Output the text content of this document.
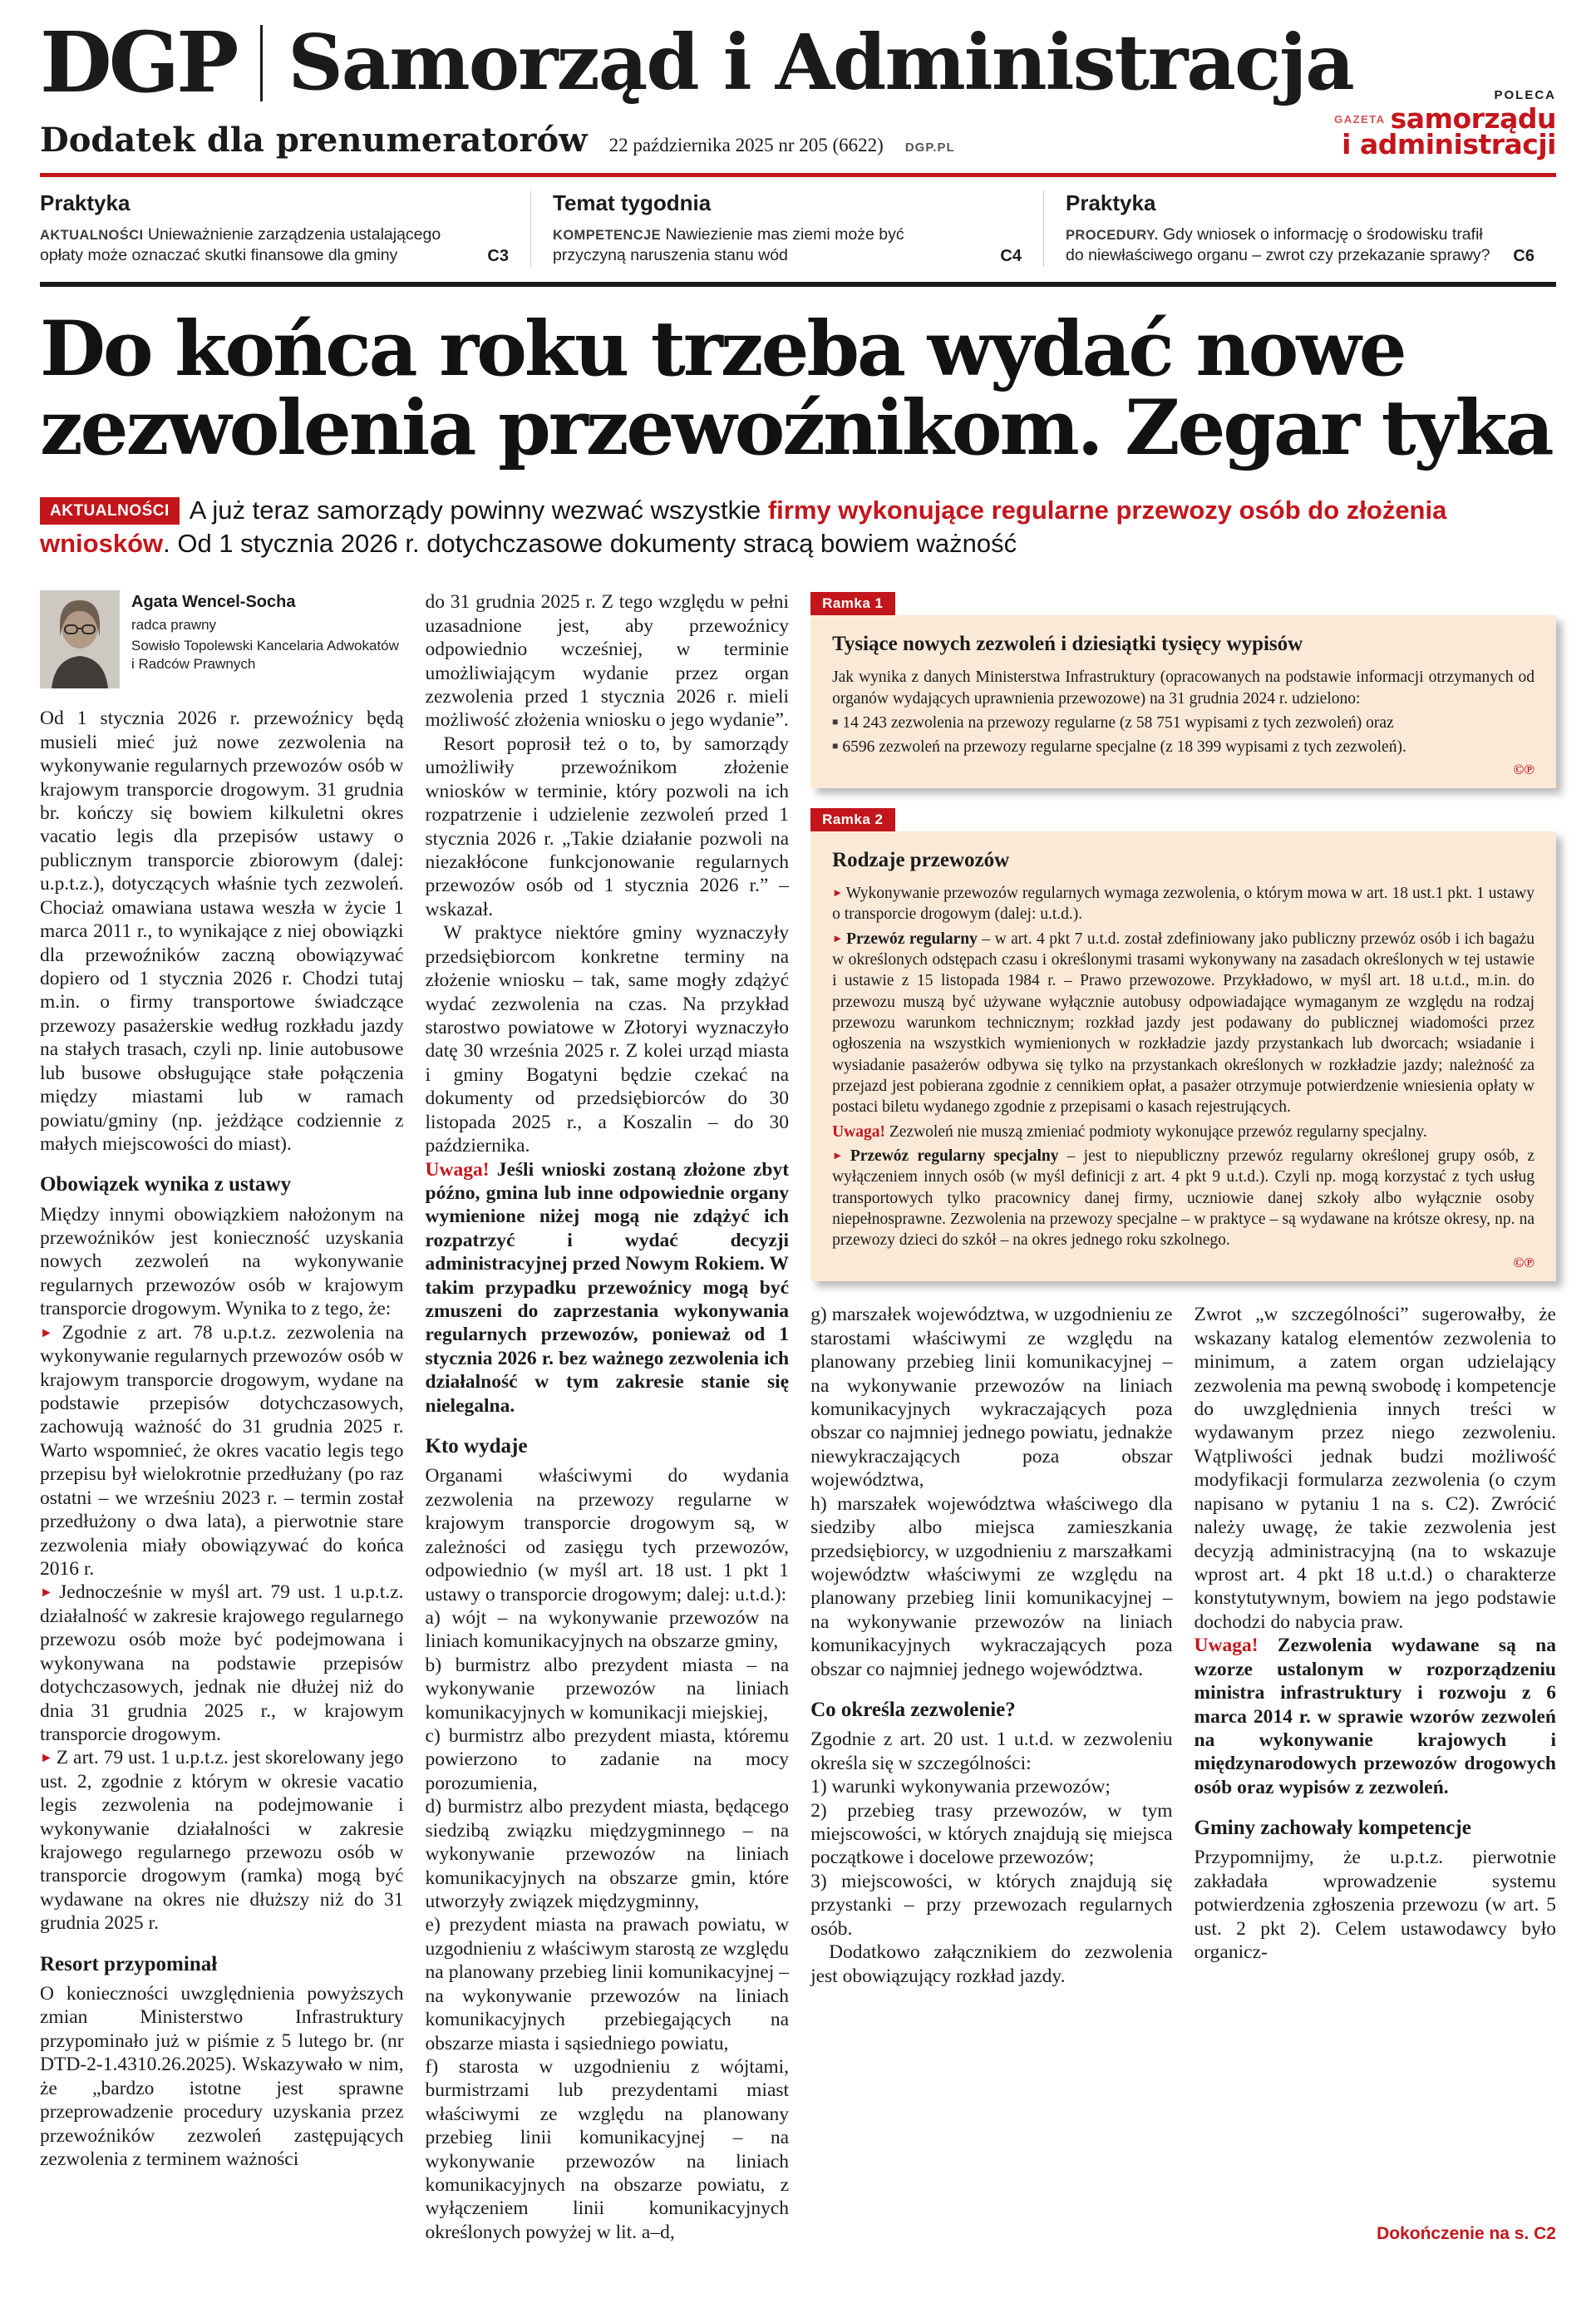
DGP Samorząd i Administracja
Dodatek dla prenumeratorów 22 października 2025 nr 205 (6622) DGP.PL
POLECA
$^{GAZETA}$ samorządu
i administracji
Praktyka
AKTUALNOŚCI Unieważnienie zarządzenia ustalającego opłaty może oznaczać skutki finansowe dla gminy	C3
Temat tygodnia
KOMPETENCJE Nawiezienie mas ziemi może być przyczyną naruszenia stanu wód	C4
Praktyka
PROCEDURY. Gdy wniosek o informację o środowisku trafił do niewłaściwego organu – zwrot czy przekazanie sprawy? C6
Do końca roku trzeba wydać nowe
zezwolenia przewoźnikom. Zegar tyka
AKTUALNOŚCI A już teraz samorządy powinny wezwać wszystkie firmy wykonujące regularne przewozy osób do złożenia wniosków. Od 1 stycznia 2026 r. dotychczasowe dokumenty stracą bowiem ważność
Agata Wencel-Socha
radca prawny
Sowisło Topolewski Kancelaria Adwokatów i Radców Prawnych

Od 1 stycznia 2026 r. przewoźnicy będą musieli mieć już nowe zezwolenia na wykonywanie regularnych przewozów osób w krajowym transporcie drogowym. 31 grudnia br. kończy się bowiem kilkuletni okres vacatio legis dla przepisów ustawy o publicznym transporcie zbiorowym (dalej: u.p.t.z.), dotyczących właśnie tych zezwoleń. Chociaż omawiana ustawa weszła w życie 1 marca 2011 r., to wynikające z niej obowiązki dla przewoźników zaczną obowiązywać dopiero od 1 stycznia 2026 r. Chodzi tutaj m.in. o firmy transportowe świadczące przewozy pasażerskie według rozkładu jazdy na stałych trasach, czyli np. linie autobusowe lub busowe obsługujące stałe połączenia między miastami lub w ramach powiatu/gminy (np. jeżdżące codziennie z małych miejscowości do miast).

Obowiązek wynika z ustawy

Między innymi obowiązkiem nałożonym na przewoźników jest konieczność uzyskania nowych zezwoleń na wykonywanie regularnych przewozów osób w krajowym transporcie drogowym. Wynika to z tego, że:

► Zgodnie z art. 78 u.p.t.z. zezwolenia na wykonywanie regularnych przewozów osób w krajowym transporcie drogowym, wydane na podstawie przepisów dotychczasowych, zachowują ważność do 31 grudnia 2025 r. Warto wspomnieć, że okres vacatio legis tego przepisu był wielokrotnie przedłużany (po raz ostatni – we wrześniu 2023 r. – termin został przedłużony o dwa lata), a pierwotnie stare zezwolenia miały obowiązywać do końca 2016 r.

► Jednocześnie w myśl art. 79 ust. 1 u.p.t.z. działalność w zakresie krajowego regularnego przewozu osób może być podejmowana i wykonywana na podstawie przepisów dotychczasowych, jednak nie dłużej niż do dnia 31 grudnia 2025 r., w krajowym transporcie drogowym.

► Z art. 79 ust. 1 u.p.t.z. jest skorelowany jego ust. 2, zgodnie z którym w okresie vacatio legis zezwolenia na podejmowanie i wykonywanie działalności w zakresie krajowego regularnego przewozu osób w transporcie drogowym (ramka) mogą być wydawane na okres nie dłuższy niż do 31 grudnia 2025 r.

Resort przypominał

O konieczności uwzględnienia powyższych zmian Ministerstwo Infrastruktury przypominało już w piśmie z 5 lutego br. (nr DTD-2-1.4310.26.2025). Wskazywało w nim, że „bardzo istotne jest sprawne przeprowadzenie procedury uzyskania przez przewoźników zezwoleń zastępujących zezwolenia z terminem ważności

do 31 grudnia 2025 r. Z tego względu w pełni uzasadnione jest, aby przewoźnicy odpowiednio wcześniej, w terminie umożliwiającym wydanie przez organ zezwolenia przed 1 stycznia 2026 r. mieli możliwość złożenia wniosku o jego wydanie”.

Resort poprosił też o to, by samorządy umożliwiły przewoźnikom złożenie wniosków w terminie, który pozwoli na ich rozpatrzenie i udzielenie zezwoleń przed 1 stycznia 2026 r. „Takie działanie pozwoli na niezakłócone funkcjonowanie regularnych przewozów osób od 1 stycznia 2026 r.” – wskazał.

W praktyce niektóre gminy wyznaczyły przedsiębiorcom konkretne terminy na złożenie wniosku – tak, same mogły zdążyć wydać zezwolenia na czas. Na przykład starostwo powiatowe w Złotoryi wyznaczyło datę 30 września 2025 r. Z kolei urząd miasta i gminy Bogatyni będzie czekać na dokumenty od przedsiębiorców do 30 listopada 2025 r., a Koszalin – do 30 października.

Uwaga! Jeśli wnioski zostaną złożone zbyt późno, gmina lub inne odpowiednie organy wymienione niżej mogą nie zdążyć ich rozpatrzyć i wydać decyzji administracyjnej przed Nowym Rokiem. W takim przypadku przewoźnicy mogą być zmuszeni do zaprzestania wykonywania regularnych przewozów, ponieważ od 1 stycznia 2026 r. bez ważnego zezwolenia ich działalność w tym zakresie stanie się nielegalna.

Kto wydaje

Organami właściwymi do wydania zezwolenia na przewozy regularne w krajowym transporcie drogowym są, w zależności od zasięgu tych przewozów, odpowiednio (w myśl art. 18 ust. 1 pkt 1 ustawy o transporcie drogowym; dalej: u.t.d.):

a) wójt – na wykonywanie przewozów na liniach komunikacyjnych na obszarze gminy,

b) burmistrz albo prezydent miasta – na wykonywanie przewozów na liniach komunikacyjnych w komunikacji miejskiej,

c) burmistrz albo prezydent miasta, któremu powierzono to zadanie na mocy porozumienia,

d) burmistrz albo prezydent miasta, będącego siedzibą związku międzygminnego – na wykonywanie przewozów na liniach komunikacyjnych na obszarze gmin, które utworzyły związek międzygminny,

e) prezydent miasta na prawach powiatu, w uzgodnieniu z właściwym starostą ze względu na planowany przebieg linii komunikacyjnej – na wykonywanie przewozów na liniach komunikacyjnych przebiegających na obszarze miasta i sąsiedniego powiatu,

f) starosta w uzgodnieniu z wójtami, burmistrzami lub prezydentami miast właściwymi ze względu na planowany przebieg linii komunikacyjnej – na wykonywanie przewozów na liniach komunikacyjnych na obszarze powiatu, z wyłączeniem linii komunikacyjnych określonych powyżej w lit. a–d,

Ramka 1
Tysiące nowych zezwoleń i dziesiątki tysięcy wypisów

Jak wynika z danych Ministerstwa Infrastruktury (opracowanych na podstawie informacji otrzymanych od organów wydających uprawnienia przewozowe) na 31 grudnia 2024 r. udzielono:

■ 14 243 zezwolenia na przewozy regularne (z 58 751 wypisami z tych zezwoleń) oraz

■ 6596 zezwoleń na przewozy regularne specjalne (z 18 399 wypisami z tych zezwoleń).

©℗
Ramka 2
Rodzaje przewozów

► Wykonywanie przewozów regularnych wymaga zezwolenia, o którym mowa w art. 18 ust.1 pkt. 1 ustawy o transporcie drogowym (dalej: u.t.d.).

► Przewóz regularny – w art. 4 pkt 7 u.t.d. został zdefiniowany jako publiczny przewóz osób i ich bagażu w określonych odstępach czasu i określonymi trasami wykonywany na zasadach określonych w tej ustawie i ustawie z 15 listopada 1984 r. – Prawo przewozowe. Przykładowo, w myśl art. 18 u.t.d., m.in. do przewozu muszą być używane wyłącznie autobusy odpowiadające wymaganym ze względu na rodzaj przewozu warunkom technicznym; rozkład jazdy jest podawany do publicznej wiadomości przez ogłoszenia na wszystkich wymienionych w rozkładzie jazdy przystankach lub dworcach; wsiadanie i wysiadanie pasażerów odbywa się tylko na przystankach określonych w rozkładzie jazdy; należność za przejazd jest pobierana zgodnie z cennikiem opłat, a pasażer otrzymuje potwierdzenie wniesienia opłaty w postaci biletu wydanego zgodnie z przepisami o kasach rejestrujących.

Uwaga! Zezwoleń nie muszą zmieniać podmioty wykonujące przewóz regularny specjalny.

► Przewóz regularny specjalny – jest to niepubliczny przewóz regularny określonej grupy osób, z wyłączeniem innych osób (w myśl definicji z art. 4 pkt 9 u.t.d.). Czyli np. mogą korzystać z tych usług transportowych tylko pracownicy danej firmy, uczniowie danej szkoły albo wyłącznie osoby niepełnosprawne. Zezwolenia na przewozy specjalne – w praktyce – są wydawane na krótsze okresy, np. na przewozy dzieci do szkół – na okres jednego roku szkolnego.

©℗

g) marszałek województwa, w uzgodnieniu ze starostami właściwymi ze względu na planowany przebieg linii komunikacyjnej – na wykonywanie przewozów na liniach komunikacyjnych wykraczających poza obszar co najmniej jednego powiatu, jednakże niewykraczających poza obszar województwa,

h) marszałek województwa właściwego dla siedziby albo miejsca zamieszkania przedsiębiorcy, w uzgodnieniu z marszałkami województw właściwymi ze względu na planowany przebieg linii komunikacyjnej – na wykonywanie przewozów na liniach komunikacyjnych wykraczających poza obszar co najmniej jednego województwa.

Co określa zezwolenie?

Zgodnie z art. 20 ust. 1 u.t.d. w zezwoleniu określa się w szczególności:

1) warunki wykonywania przewozów;

2) przebieg trasy przewozów, w tym miejscowości, w których znajdują się miejsca początkowe i docelowe przewozów;

3) miejscowości, w których znajdują się przystanki – przy przewozach regularnych osób.

Dodatkowo załącznikiem do zezwolenia jest obowiązujący rozkład jazdy.

Zwrot „w szczególności” sugerowałby, że wskazany katalog elementów zezwolenia to minimum, a zatem organ udzielający zezwolenia ma pewną swobodę i kompetencje do uwzględnienia innych treści w wydawanym przez niego zezwoleniu. Wątpliwości jednak budzi możliwość modyfikacji formularza zezwolenia (o czym napisano w pytaniu 1 na s. C2). Zwrócić należy uwagę, że takie zezwolenia jest decyzją administracyjną (na to wskazuje wprost art. 4 pkt 18 u.t.d.) o charakterze konstytutywnym, bowiem na jego podstawie dochodzi do nabycia praw.

Uwaga! Zezwolenia wydawane są na wzorze ustalonym w rozporządzeniu ministra infrastruktury i rozwoju z 6 marca 2014 r. w sprawie wzorów zezwoleń na wykonywanie krajowych i międzynarodowych przewozów drogowych osób oraz wypisów z zezwoleń.

Gminy zachowały kompetencje

Przypomnijmy, że u.p.t.z. pierwotnie zakładała wprowadzenie systemu potwierdzenia zgłoszenia przewozu (w art. 5 ust. 2 pkt 2). Celem ustawodawcy było organicz-

Dokończenie na s. C2
